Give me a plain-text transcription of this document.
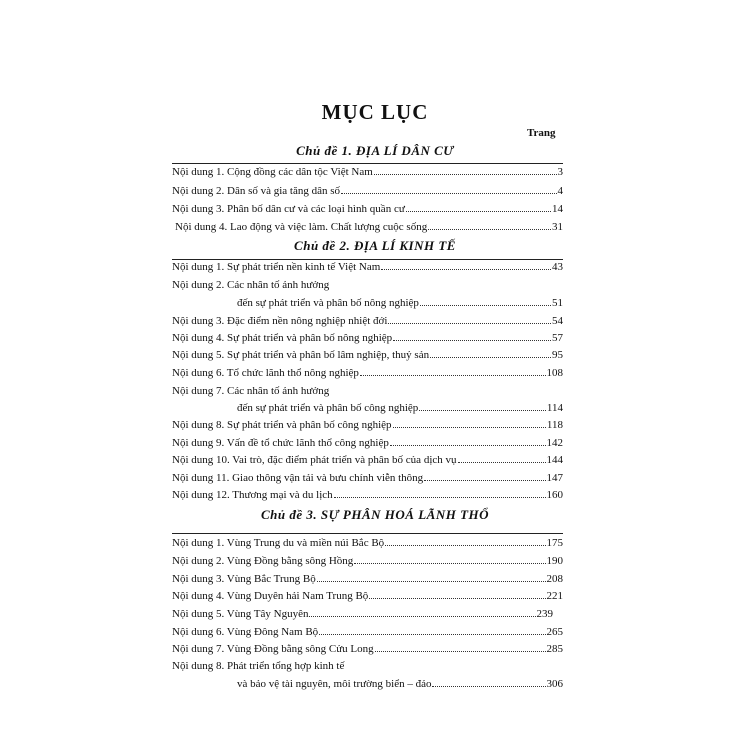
MỤC LỤC
Trang
Chủ đề 1. ĐỊA LÍ DÂN CƯ
Nội dung 1. Cộng đồng các dân tộc Việt Nam	3
Nội dung 2. Dân số và gia tăng dân số	4
Nội dung 3. Phân bố dân cư và các loại hình quần cư	14
Nội dung 4. Lao động và việc làm. Chất lượng cuộc sống	31
Chủ đề 2. ĐỊA LÍ KINH TẾ
Nội dung 1. Sự phát triển nền kinh tế Việt Nam	43
Nội dung 2. Các nhân tố ảnh hưởng
đến sự phát triển và phân bố nông nghiệp	51
Nội dung 3. Đặc điểm nền nông nghiệp nhiệt đới	54
Nội dung 4. Sự phát triển và phân bố nông nghiệp	57
Nội dung 5. Sự phát triển và phân bố lâm nghiệp, thuỷ sản	95
Nội dung 6. Tổ chức lãnh thổ nông nghiệp	108
Nội dung 7. Các nhân tố ảnh hưởng
đến sự phát triển và phân bố công nghiệp	114
Nội dung 8. Sự phát triển và phân bố công nghiệp	118
Nội dung 9. Vấn đề tổ chức lãnh thổ công nghiệp	142
Nội dung 10. Vai trò, đặc điểm phát triển và phân bố của dịch vụ	144
Nội dung 11. Giao thông vận tải và bưu chính viễn thông	147
Nội dung 12. Thương mại và du lịch	160
Chủ đề 3. SỰ PHÂN HOÁ LÃNH THỔ
Nội dung 1. Vùng Trung du và miền núi Bắc Bộ	175
Nội dung 2. Vùng Đồng bằng sông Hồng	190
Nội dung 3. Vùng Bắc Trung Bộ	208
Nội dung 4. Vùng Duyên hải Nam Trung Bộ	221
Nội dung 5. Vùng Tây Nguyên	239
Nội dung 6. Vùng Đông Nam Bộ	265
Nội dung 7. Vùng Đồng bằng sông Cửu Long	285
Nội dung 8. Phát triển tổng hợp kinh tế
và bảo vệ tài nguyên, môi trường biển – đảo	306
